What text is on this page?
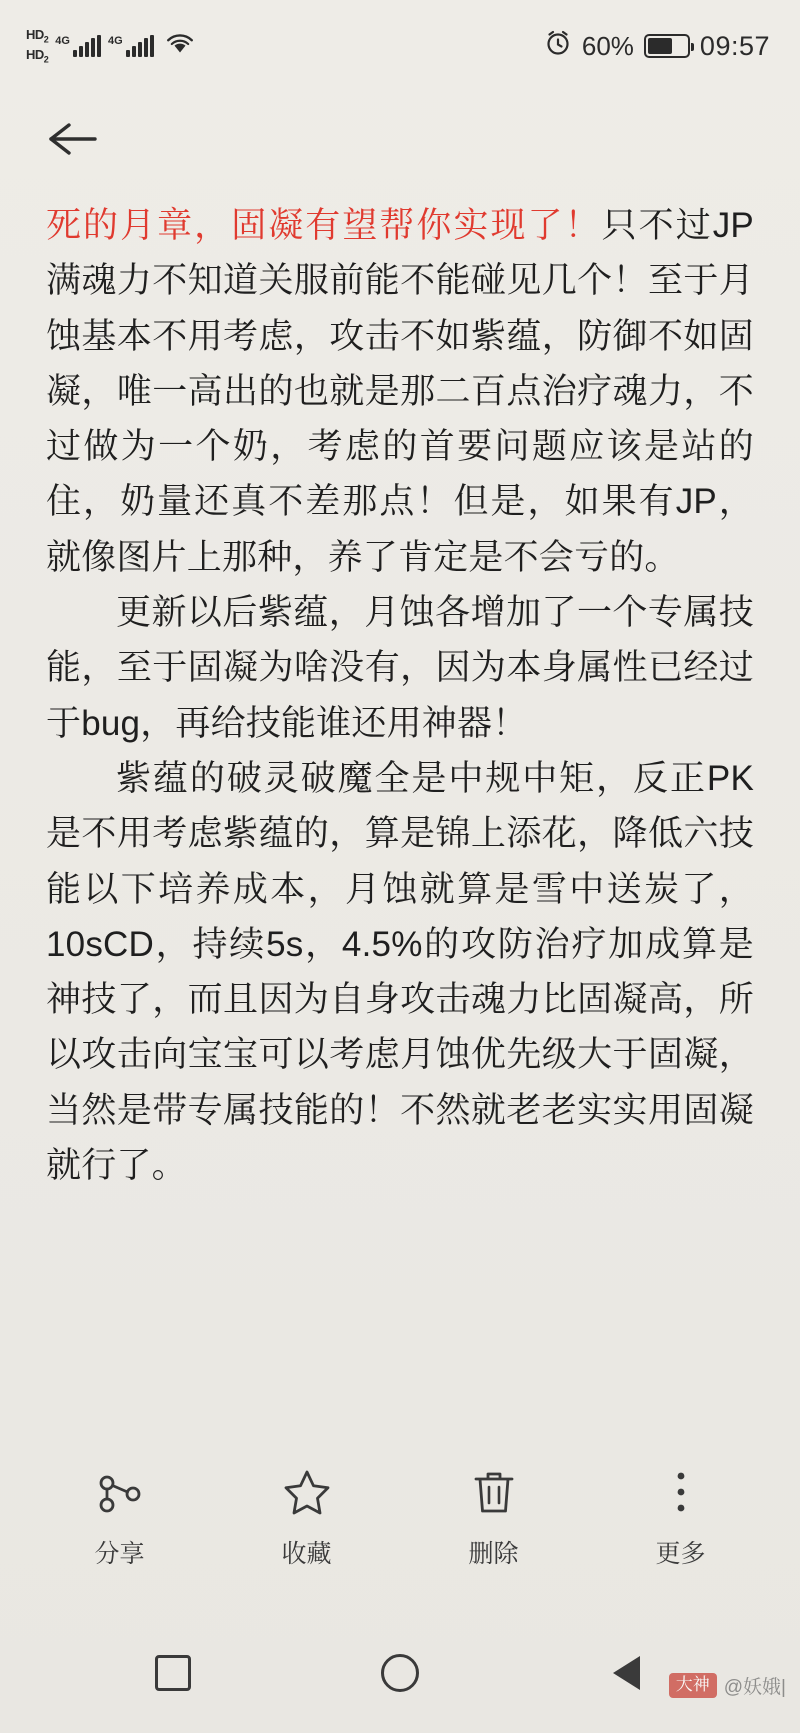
$HD_2$
$HD_2$
4G	4G	60% 09:57

死的月章，固凝有望帮你实现了！只不过JP满魂力不知道关服前能不能碰见几个！至于月蚀基本不用考虑，攻击不如紫蕴，防御不如固凝，唯一高出的也就是那二百点治疗魂力，不过做为一个奶，考虑的首要问题应该是站的住，奶量还真不差那点！但是，如果有JP，就像图片上那种，养了肯定是不会亏的。

更新以后紫蕴，月蚀各增加了一个专属技能，至于固凝为啥没有，因为本身属性已经过于bug，再给技能谁还用神器！

紫蕴的破灵破魔全是中规中矩，反正PK是不用考虑紫蕴的，算是锦上添花，降低六技能以下培养成本，月蚀就算是雪中送炭了，10sCD，持续5s，4.5%的攻防治疗加成算是神技了，而且因为自身攻击魂力比固凝高，所以攻击向宝宝可以考虑月蚀优先级大于固凝，当然是带专属技能的！不然就老老实实用固凝就行了。

分享	收藏	删除	更多
大神 @妖娥|
